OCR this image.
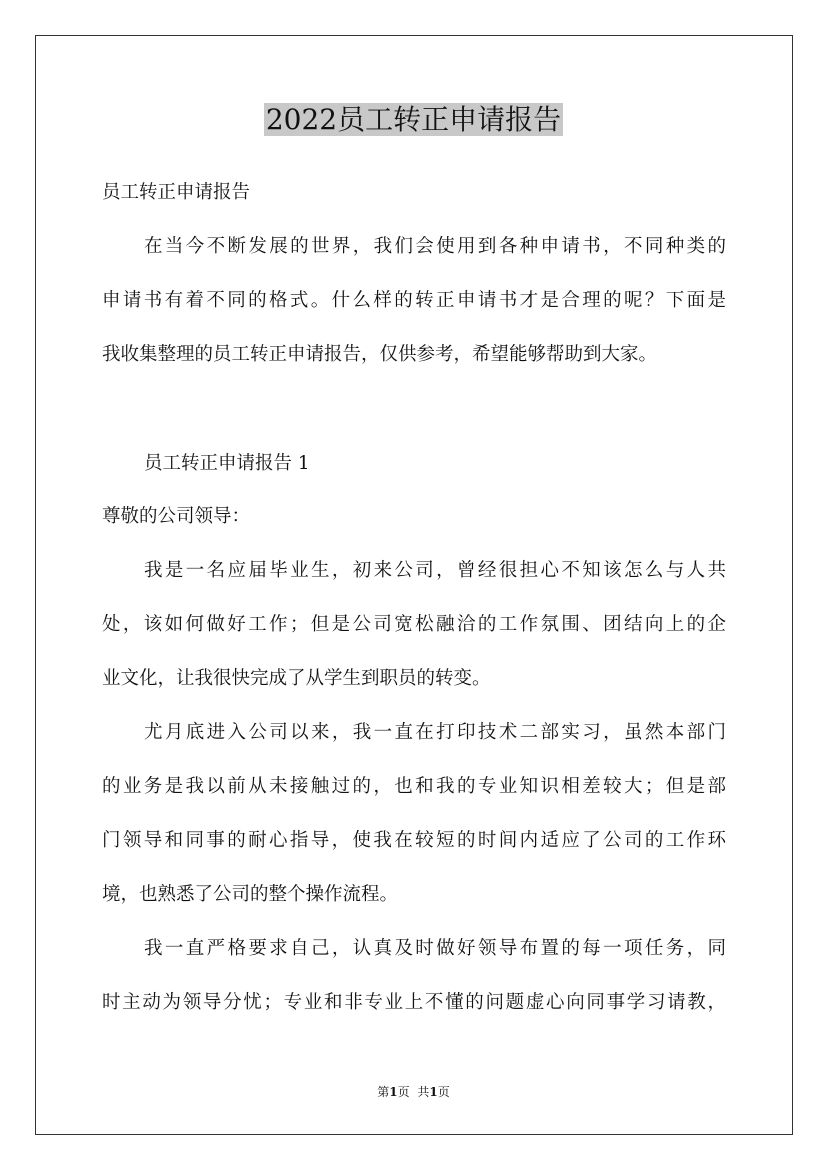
2022员工转正申请报告

员工转正申请报告

在当今不断发展的世界，我们会使用到各种申请书，不同种类的

申请书有着不同的格式。什么样的转正申请书才是合理的呢？下面是

我收集整理的员工转正申请报告，仅供参考，希望能够帮助到大家。

员工转正申请报告 1

尊敬的公司领导：

我是一名应届毕业生，初来公司，曾经很担心不知该怎么与人共

处，该如何做好工作；但是公司宽松融洽的工作氛围、团结向上的企

业文化，让我很快完成了从学生到职员的转变。

尤月底进入公司以来，我一直在打印技术二部实习，虽然本部门

的业务是我以前从未接触过的，也和我的专业知识相差较大；但是部

门领导和同事的耐心指导，使我在较短的时间内适应了公司的工作环

境，也熟悉了公司的整个操作流程。

我一直严格要求自己，认真及时做好领导布置的每一项任务，同

时主动为领导分忧；专业和非专业上不懂的问题虚心向同事学习请教，

第1页 共1页
